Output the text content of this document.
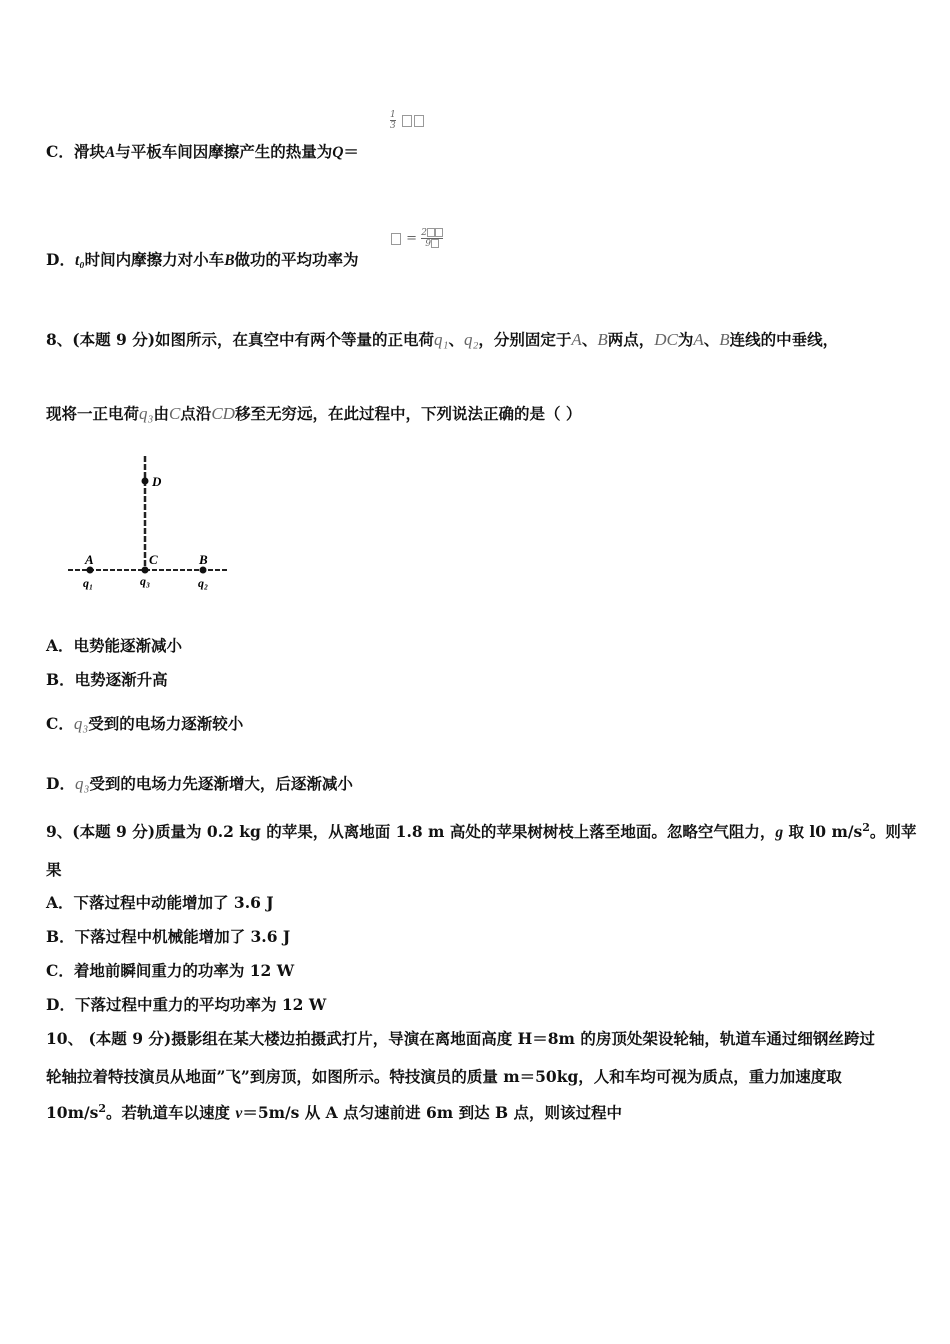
C．滑块A与平板车间因摩擦产生的热量为Q＝
$\frac{1}{3}$

D．t₀时间内摩擦力对小车B做功的平均功率为
= $\frac{2}{9}$
8、(本题 9 分)如图所示，在真空中有两个等量的正电荷q₁、q₂，分别固定于A、B两点，DC为A、B连线的中垂线，
现将一正电荷q₃由C点沿CD移至无穷远，在此过程中，下列说法正确的是（ ）
D
A	C	B
q₁	q₃	q₂
A．电势能逐渐减小
B．电势逐渐升高
C．q₃受到的电场力逐渐较小
D．q₃受到的电场力先逐渐增大，后逐渐减小
9、(本题 9 分)质量为 0.2 kg 的苹果，从离地面 1.8 m 高处的苹果树树枝上落至地面。忽略空气阻力，g 取 l0 $m/s^2$。则苹
果
A．下落过程中动能增加了 3.6 J
B．下落过程中机械能增加了 3.6 J
C．着地前瞬间重力的功率为 12 W
D．下落过程中重力的平均功率为 12 W
10、 (本题 9 分)摄影组在某大楼边拍摄武打片，导演在离地面高度 H＝8m 的房顶处架设轮轴，轨道车通过细钢丝跨过
轮轴拉着特技演员从地面”飞”到房顶，如图所示。特技演员的质量 m＝50kg，人和车均可视为质点，重力加速度取
$10m/s^2$。若轨道车以速度 v＝5m/s 从 A 点匀速前进 6m 到达 B 点，则该过程中
